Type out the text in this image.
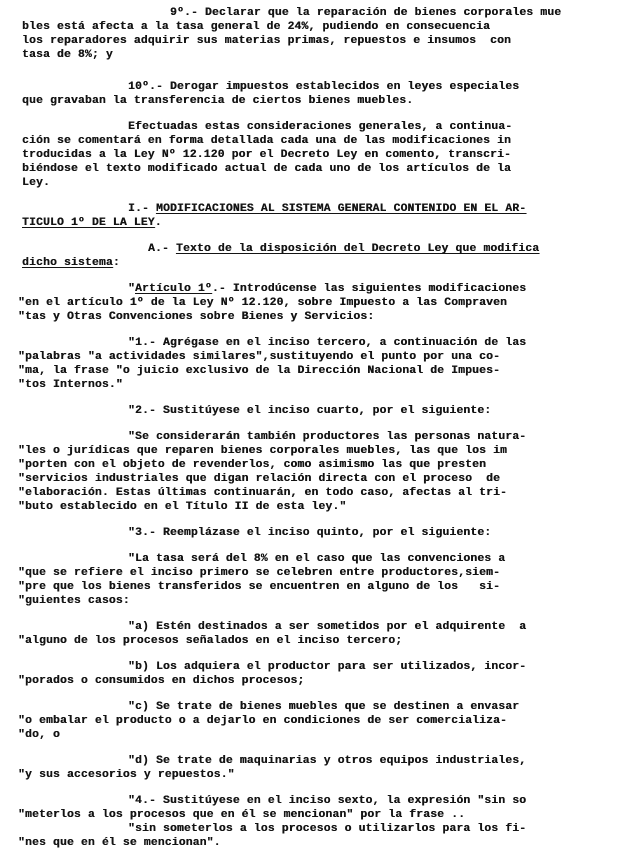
9º.- Declarar que la reparación de bienes corporales mue
bles está afecta a la tasa general de 24%, pudiendo en consecuencia
los reparadores adquirir sus materias primas, repuestos e insumos  con
tasa de 8%; y
10º.- Derogar impuestos establecidos en leyes especiales
que gravaban la transferencia de ciertos bienes muebles.
Efectuadas estas consideraciones generales, a continua-
ción se comentará en forma detallada cada una de las modificaciones in
troducidas a la Ley Nº 12.120 por el Decreto Ley en comento, transcri-
biéndose el texto modificado actual de cada uno de los artículos de la
Ley.
I.- MODIFICACIONES AL SISTEMA GENERAL CONTENIDO EN EL AR-
TICULO 1º DE LA LEY.
A.- Texto de la disposición del Decreto Ley que modifica
dicho sistema:
"Artículo 1º.- Introdúcense las siguientes modificaciones
"en el artículo 1º de la Ley Nº 12.120, sobre Impuesto a las Compraven
"tas y Otras Convenciones sobre Bienes y Servicios:
"1.- Agrégase en el inciso tercero, a continuación de las
"palabras "a actividades similares",sustituyendo el punto por una co-
"ma, la frase "o juicio exclusivo de la Dirección Nacional de Impues-
"tos Internos."
"2.- Sustitúyese el inciso cuarto, por el siguiente:
"Se considerarán también productores las personas natura-
"les o jurídicas que reparen bienes corporales muebles, las que los im
"porten con el objeto de revenderlos, como asimismo las que presten
"servicios industriales que digan relación directa con el proceso  de
"elaboración. Estas últimas continuarán, en todo caso, afectas al tri-
"buto establecido en el Título II de esta ley."
"3.- Reemplázase el inciso quinto, por el siguiente:
"La tasa será del 8% en el caso que las convenciones a
"que se refiere el inciso primero se celebren entre productores,siem-
"pre que los bienes transferidos se encuentren en alguno de los   si-
"guientes casos:
"a) Estén destinados a ser sometidos por el adquirente  a
"alguno de los procesos señalados en el inciso tercero;
"b) Los adquiera el productor para ser utilizados, incor-
"porados o consumidos en dichos procesos;
"c) Se trate de bienes muebles que se destinen a envasar
"o embalar el producto o a dejarlo en condiciones de ser comercializa-
"do, o
"d) Se trate de maquinarias y otros equipos industriales,
"y sus accesorios y repuestos."
"4.- Sustitúyese en el inciso sexto, la expresión "sin so
"meterlos a los procesos que en él se mencionan" por la frase ..
"sin someterlos a los procesos o utilizarlos para los fi-
"nes que en él se mencionan".
